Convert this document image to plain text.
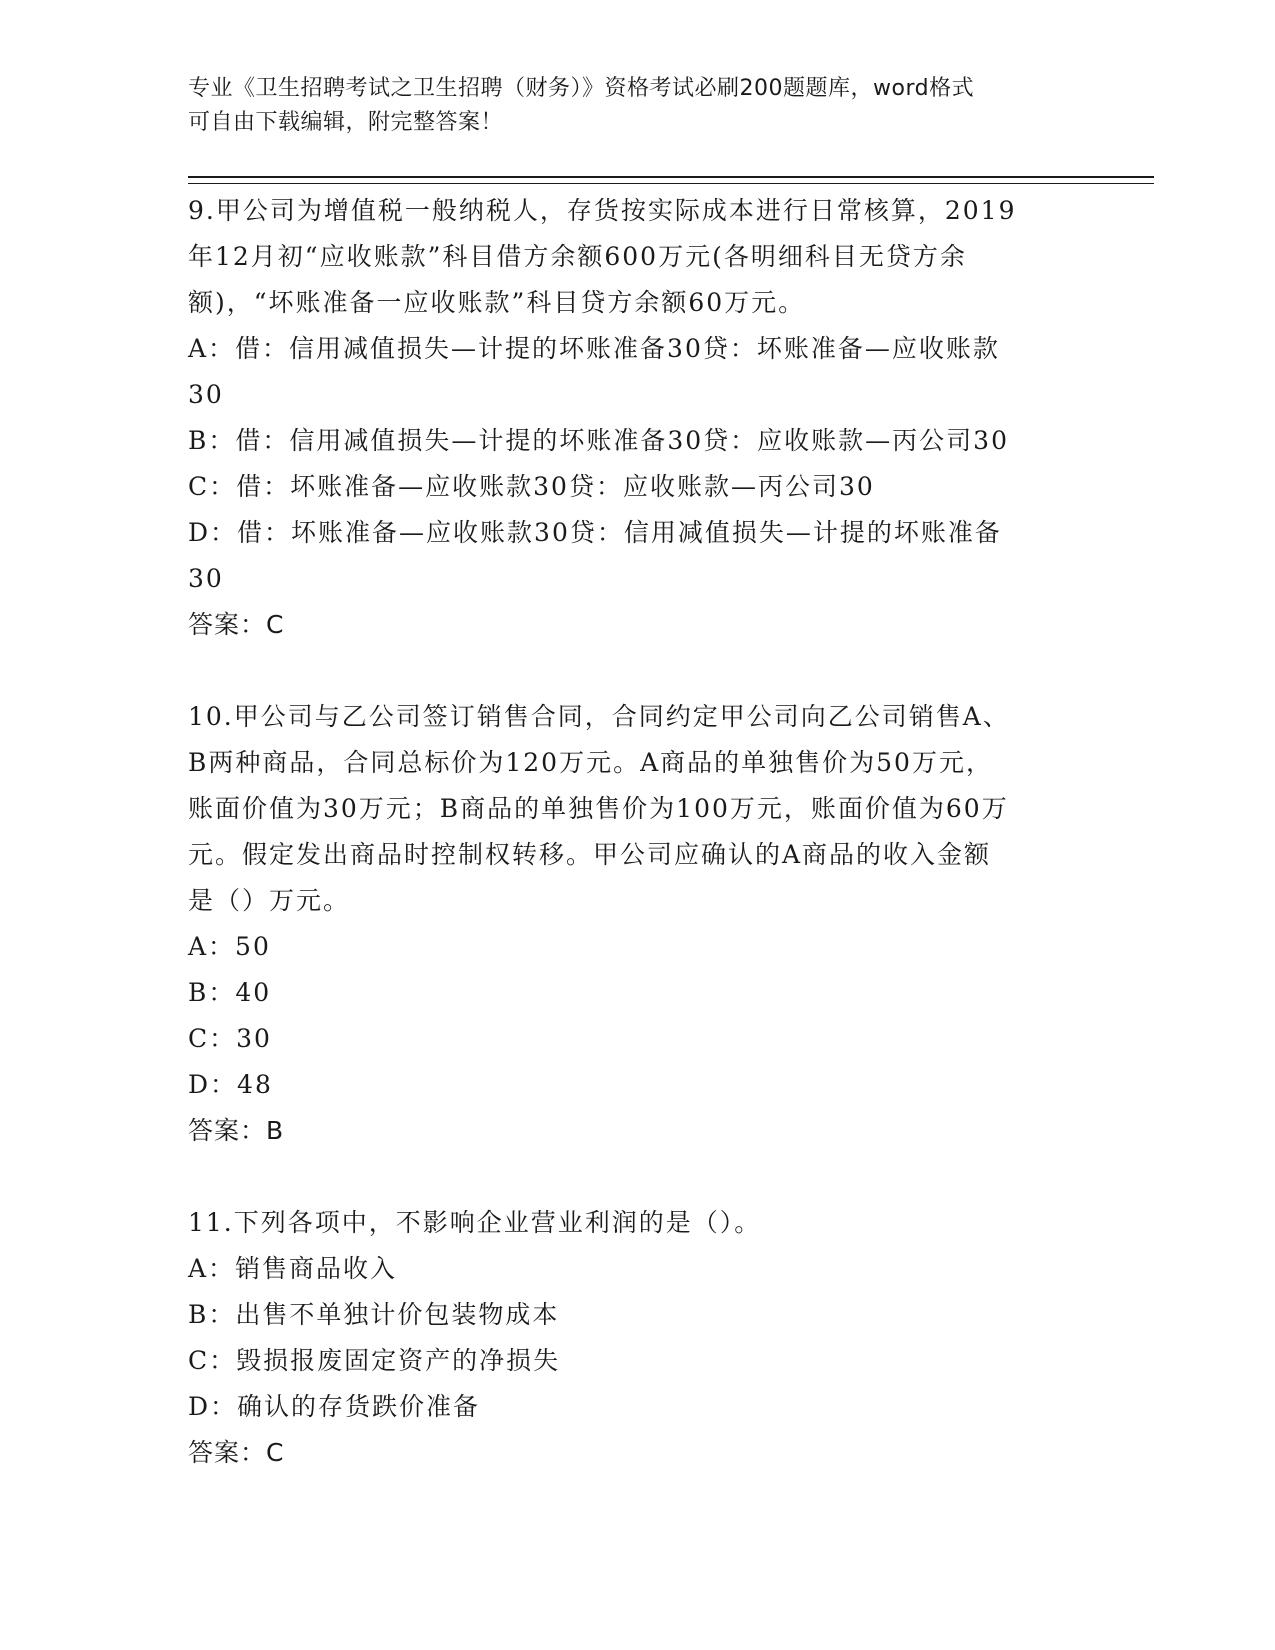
专业《卫生招聘考试之卫生招聘（财务）》资格考试必刷200题题库，word格式
可自由下载编辑，附完整答案！
9.甲公司为增值税一般纳税人，存货按实际成本进行日常核算，2019
年12月初“应收账款”科目借方余额600万元(各明细科目无贷方余
额)，“坏账准备一应收账款”科目贷方余额60万元。
A：借：信用减值损失—计提的坏账准备30贷：坏账准备—应收账款
30
B：借：信用减值损失—计提的坏账准备30贷：应收账款—丙公司30
C：借：坏账准备—应收账款30贷：应收账款—丙公司30
D：借：坏账准备—应收账款30贷：信用减值损失—计提的坏账准备
30
答案：C
10.甲公司与乙公司签订销售合同，合同约定甲公司向乙公司销售A、
B两种商品，合同总标价为120万元。A商品的单独售价为50万元，
账面价值为30万元；B商品的单独售价为100万元，账面价值为60万
元。假定发出商品时控制权转移。甲公司应确认的A商品的收入金额
是（）万元。
A：50
B：40
C：30
D：48
答案：B
11.下列各项中，不影响企业营业利润的是（）。
A：销售商品收入
B：出售不单独计价包装物成本
C：毁损报废固定资产的净损失
D：确认的存货跌价准备
答案：C
